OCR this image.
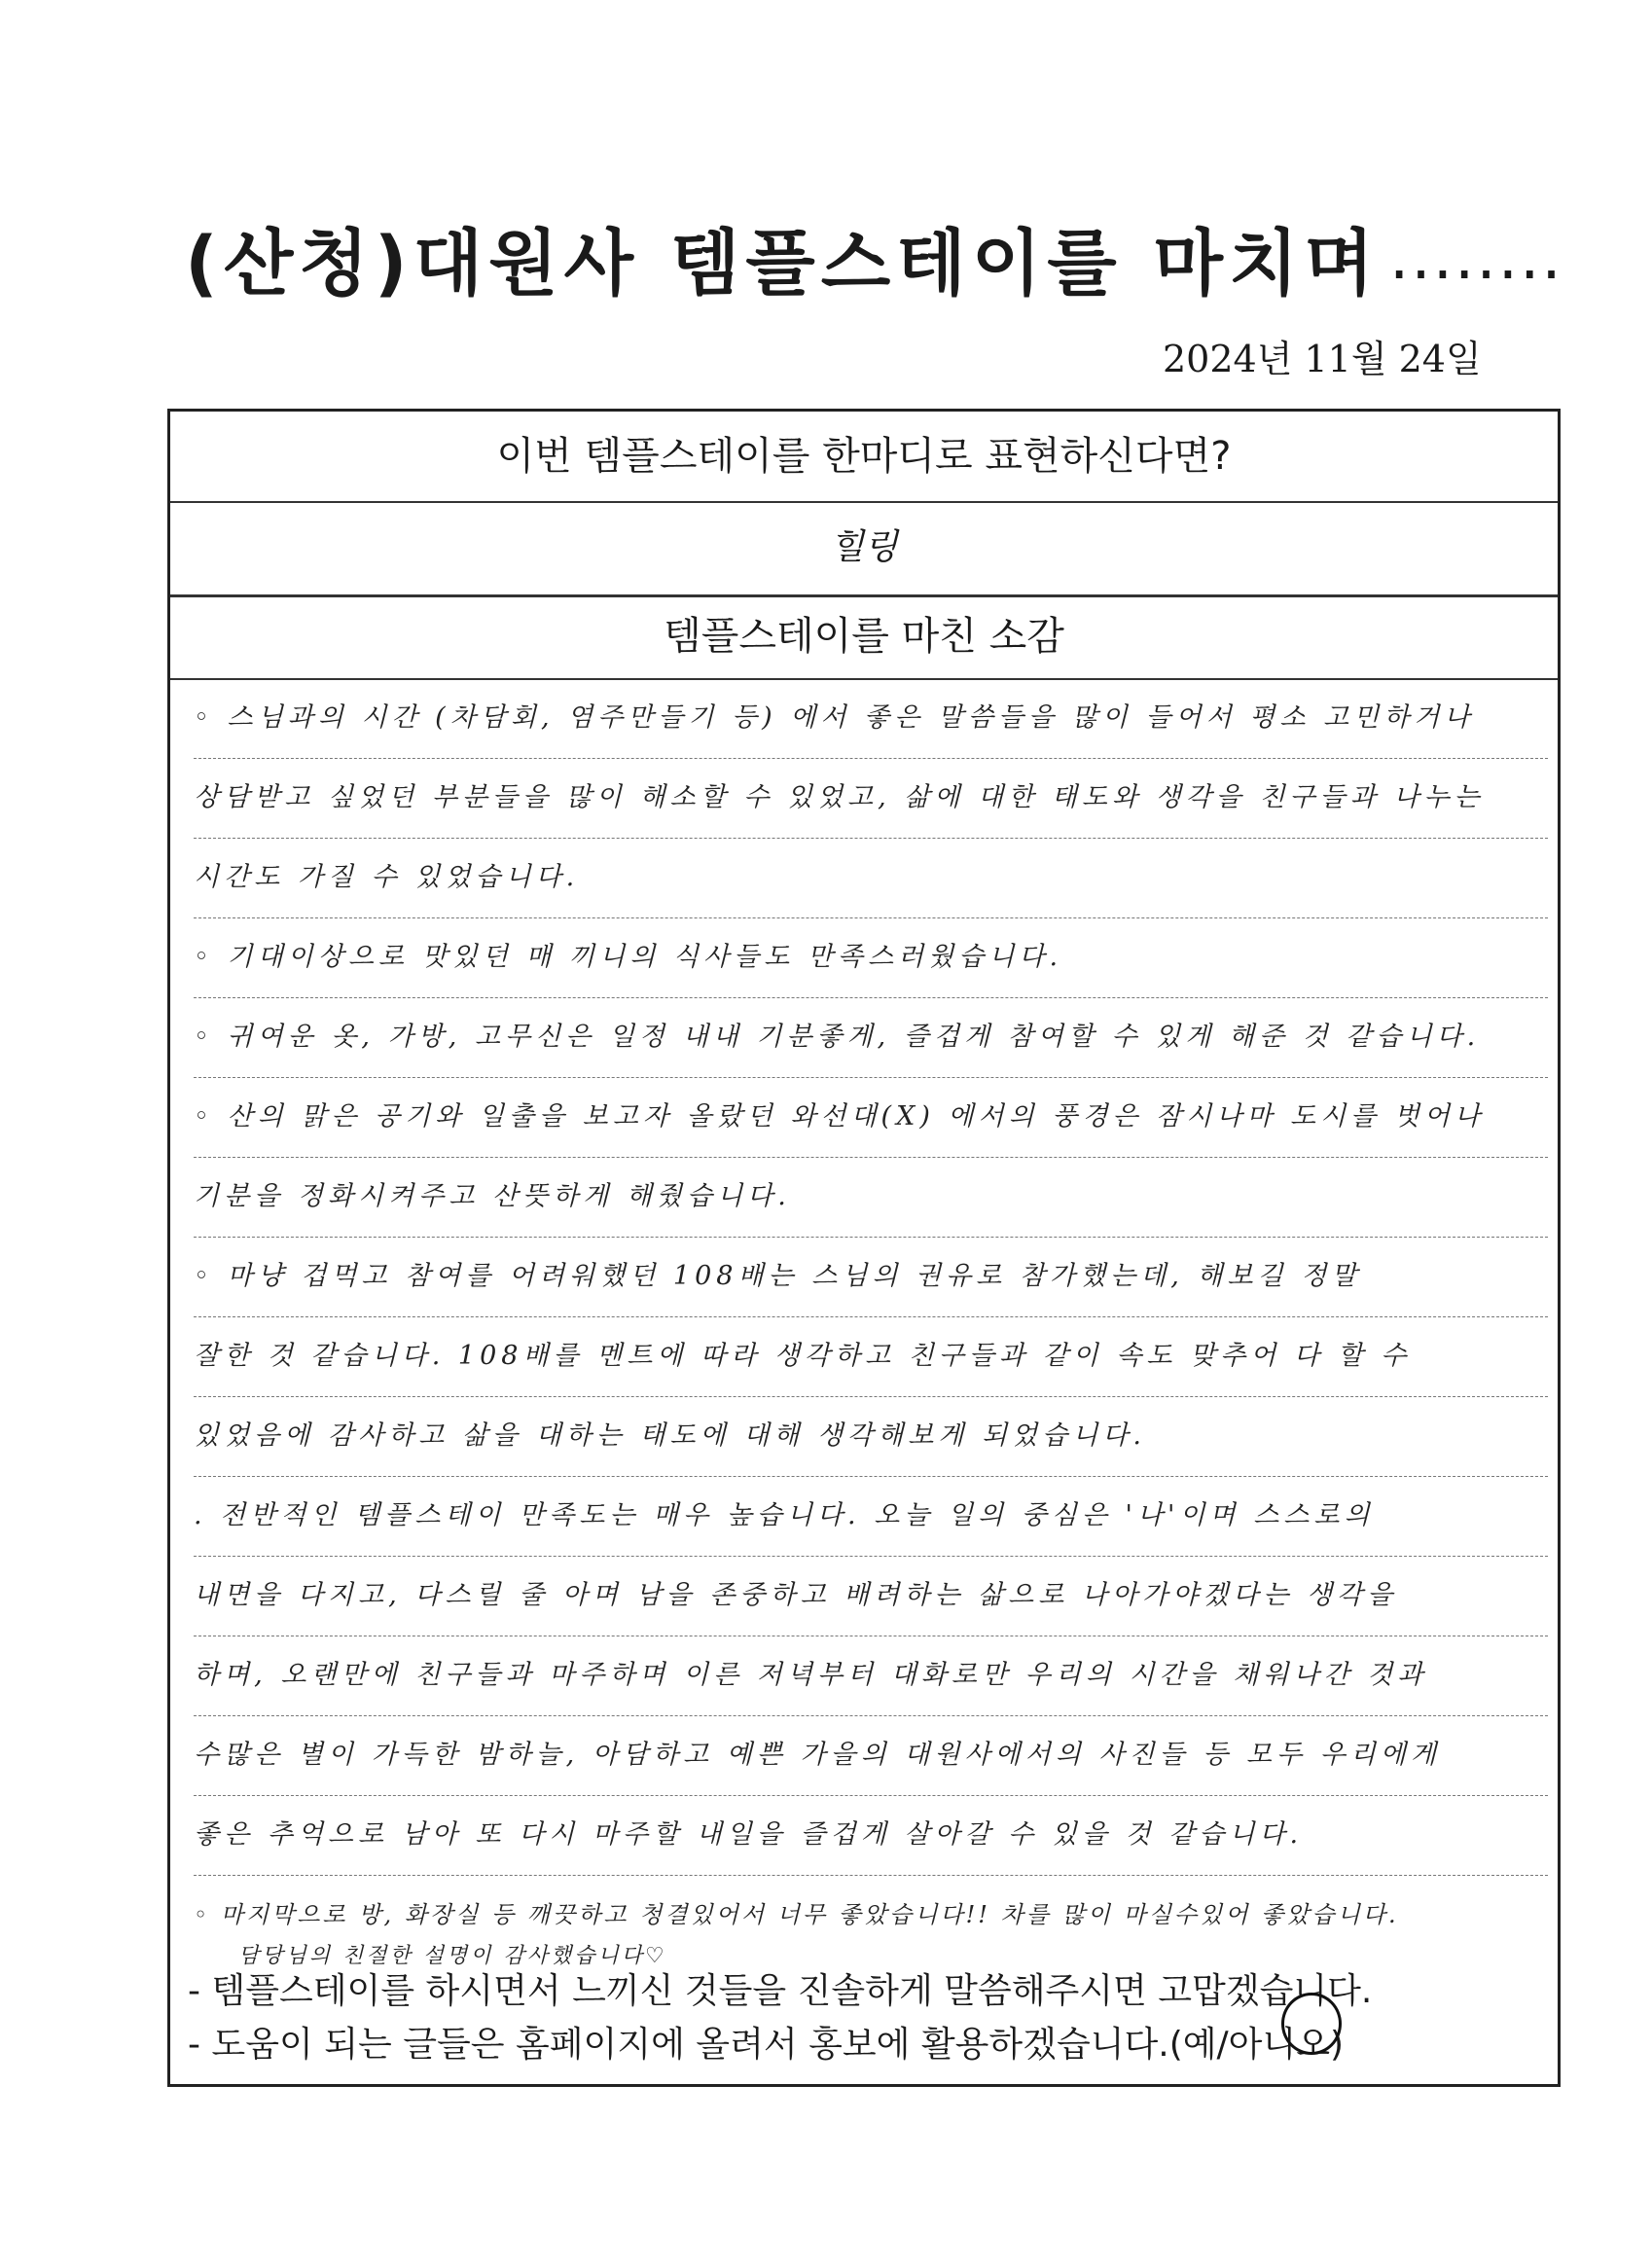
(산청)대원사 템플스테이를 마치며 ........
2024년 11월 24일
이번 템플스테이를 한마디로 표현하신다면?
힐링
템플스테이를 마친 소감
◦ 스님과의 시간 (차담회, 염주만들기 등) 에서 좋은 말씀들을 많이 들어서 평소 고민하거나
상담받고 싶었던 부분들을 많이 해소할 수 있었고, 삶에 대한 태도와 생각을 친구들과 나누는
시간도 가질 수 있었습니다.
◦ 기대이상으로 맛있던 매 끼니의 식사들도 만족스러웠습니다.
◦ 귀여운 옷, 가방, 고무신은 일정 내내 기분좋게, 즐겁게 참여할 수 있게 해준 것 같습니다.
◦ 산의 맑은 공기와 일출을 보고자 올랐던 와선대(X) 에서의 풍경은 잠시나마 도시를 벗어나
기분을 정화시켜주고 산뜻하게 해줬습니다.
◦ 마냥 겁먹고 참여를 어려워했던 108배는 스님의 권유로 참가했는데, 해보길 정말
잘한 것 같습니다. 108배를 멘트에 따라 생각하고 친구들과 같이 속도 맞추어 다 할 수
있었음에 감사하고 삶을 대하는 태도에 대해 생각해보게 되었습니다.
. 전반적인 템플스테이 만족도는 매우 높습니다. 오늘 일의 중심은 '나'이며 스스로의
내면을 다지고, 다스릴 줄 아며 남을 존중하고 배려하는 삶으로 나아가야겠다는 생각을
하며, 오랜만에 친구들과 마주하며 이른 저녁부터 대화로만 우리의 시간을 채워나간 것과
수많은 별이 가득한 밤하늘, 아담하고 예쁜 가을의 대원사에서의 사진들 등 모두 우리에게
좋은 추억으로 남아 또 다시 마주할 내일을 즐겁게 살아갈 수 있을 것 같습니다.
◦ 마지막으로 방, 화장실 등 깨끗하고 청결있어서 너무 좋았습니다!! 차를 많이 마실수있어 좋았습니다.
담당님의 친절한 설명이 감사했습니다♡
- 템플스테이를 하시면서 느끼신 것들을 진솔하게 말씀해주시면 고맙겠습니다.
- 도움이 되는 글들은 홈페이지에 올려서 홍보에 활용하겠습니다.(예/아니오)
